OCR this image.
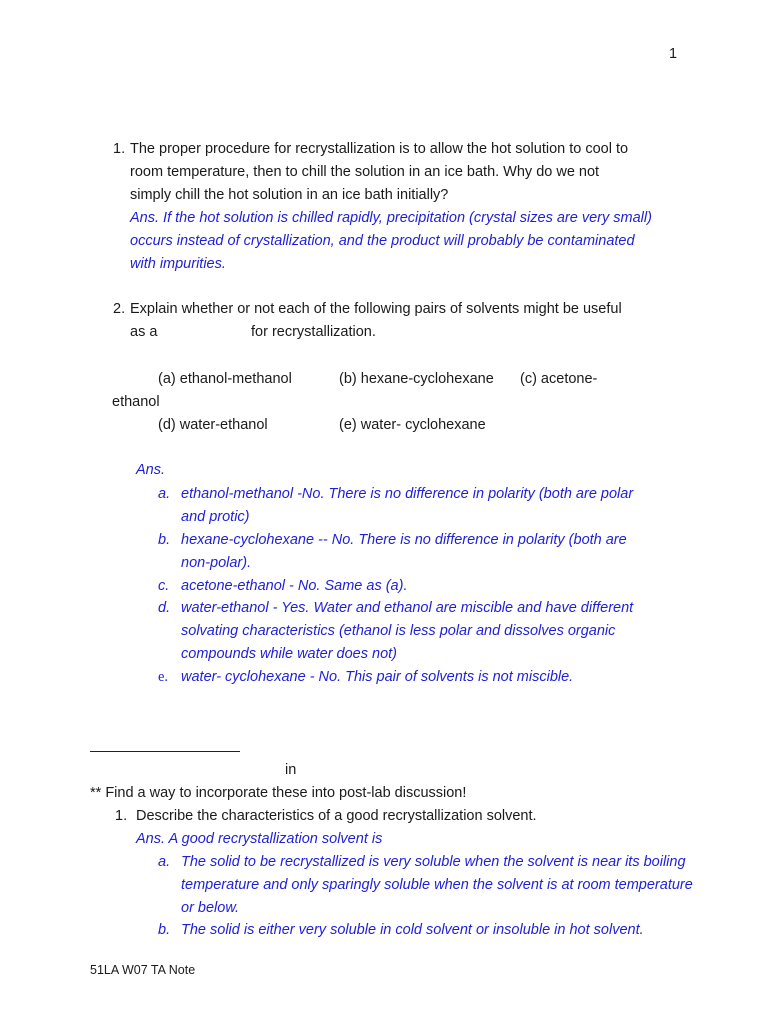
1
1. The proper procedure for recrystallization is to allow the hot solution to cool to
room temperature, then to chill the solution in an ice bath. Why do we not
simply chill the hot solution in an ice bath initially?
Ans. If the hot solution is chilled rapidly, precipitation (crystal sizes are very small)
occurs instead of crystallization, and the product will probably be contaminated
with impurities.
2. Explain whether or not each of the following pairs of solvents might be useful
as a	for recrystallization.
(a) ethanol-methanol	(b) hexane-cyclohexane (c) acetone-
ethanol
(d) water-ethanol	(e) water- cyclohexane
Ans.
a. ethanol-methanol -No. There is no difference in polarity (both are polar
and protic)
b. hexane-cyclohexane -- No. There is no difference in polarity (both are
non-polar).
c. acetone-ethanol - No. Same as (a).
d. water-ethanol - Yes. Water and ethanol are miscible and have different
solvating characteristics (ethanol is less polar and dissolves organic
compounds while water does not)
e. water- cyclohexane - No. This pair of solvents is not miscible.
in
** Find a way to incorporate these into post-lab discussion!
1. Describe the characteristics of a good recrystallization solvent.
Ans. A good recrystallization solvent is
a. The solid to be recrystallized is very soluble when the solvent is near its boiling
temperature and only sparingly soluble when the solvent is at room temperature
or below.
b. The solid is either very soluble in cold solvent or insoluble in hot solvent.
51LA W07 TA Note
